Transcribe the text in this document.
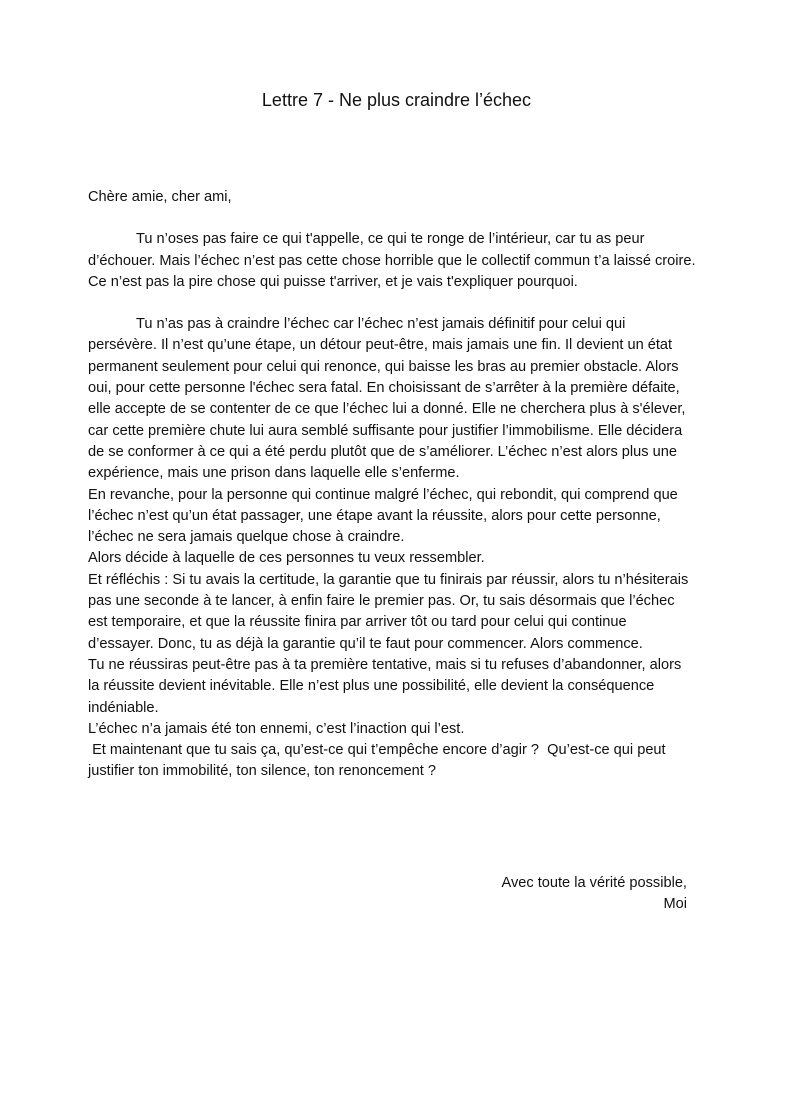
Lettre 7 - Ne plus craindre l’échec

Chère amie, cher ami,

Tu n’oses pas faire ce qui t'appelle, ce qui te ronge de l’intérieur, car tu as peur d’échouer. Mais l’échec n’est pas cette chose horrible que le collectif commun t’a laissé croire. Ce n’est pas la pire chose qui puisse t'arriver, et je vais t'expliquer pourquoi.

Tu n’as pas à craindre l’échec car l’échec n’est jamais définitif pour celui qui persévère. Il n’est qu’une étape, un détour peut-être, mais jamais une fin. Il devient un état permanent seulement pour celui qui renonce, qui baisse les bras au premier obstacle. Alors oui, pour cette personne l'échec sera fatal. En choisissant de s’arrêter à la première défaite, elle accepte de se contenter de ce que l’échec lui a donné. Elle ne cherchera plus à s'élever, car cette première chute lui aura semblé suffisante pour justifier l’immobilisme. Elle décidera de se conformer à ce qui a été perdu plutôt que de s’améliorer. L’échec n’est alors plus une expérience, mais une prison dans laquelle elle s’enferme.

En revanche, pour la personne qui continue malgré l’échec, qui rebondit, qui comprend que l’échec n’est qu’un état passager, une étape avant la réussite, alors pour cette personne, l’échec ne sera jamais quelque chose à craindre.

Alors décide à laquelle de ces personnes tu veux ressembler.

Et réfléchis : Si tu avais la certitude, la garantie que tu finirais par réussir, alors tu n’hésiterais pas une seconde à te lancer, à enfin faire le premier pas. Or, tu sais désormais que l’échec est temporaire, et que la réussite finira par arriver tôt ou tard pour celui qui continue d’essayer. Donc, tu as déjà la garantie qu’il te faut pour commencer. Alors commence.

Tu ne réussiras peut-être pas à ta première tentative, mais si tu refuses d’abandonner, alors la réussite devient inévitable. Elle n’est plus une possibilité, elle devient la conséquence indéniable.

L’échec n’a jamais été ton ennemi, c’est l’inaction qui l’est.

Et maintenant que tu sais ça, qu’est-ce qui t’empêche encore d’agir ?  Qu’est-ce qui peut justifier ton immobilité, ton silence, ton renoncement ?

Avec toute la vérité possible,

Moi
